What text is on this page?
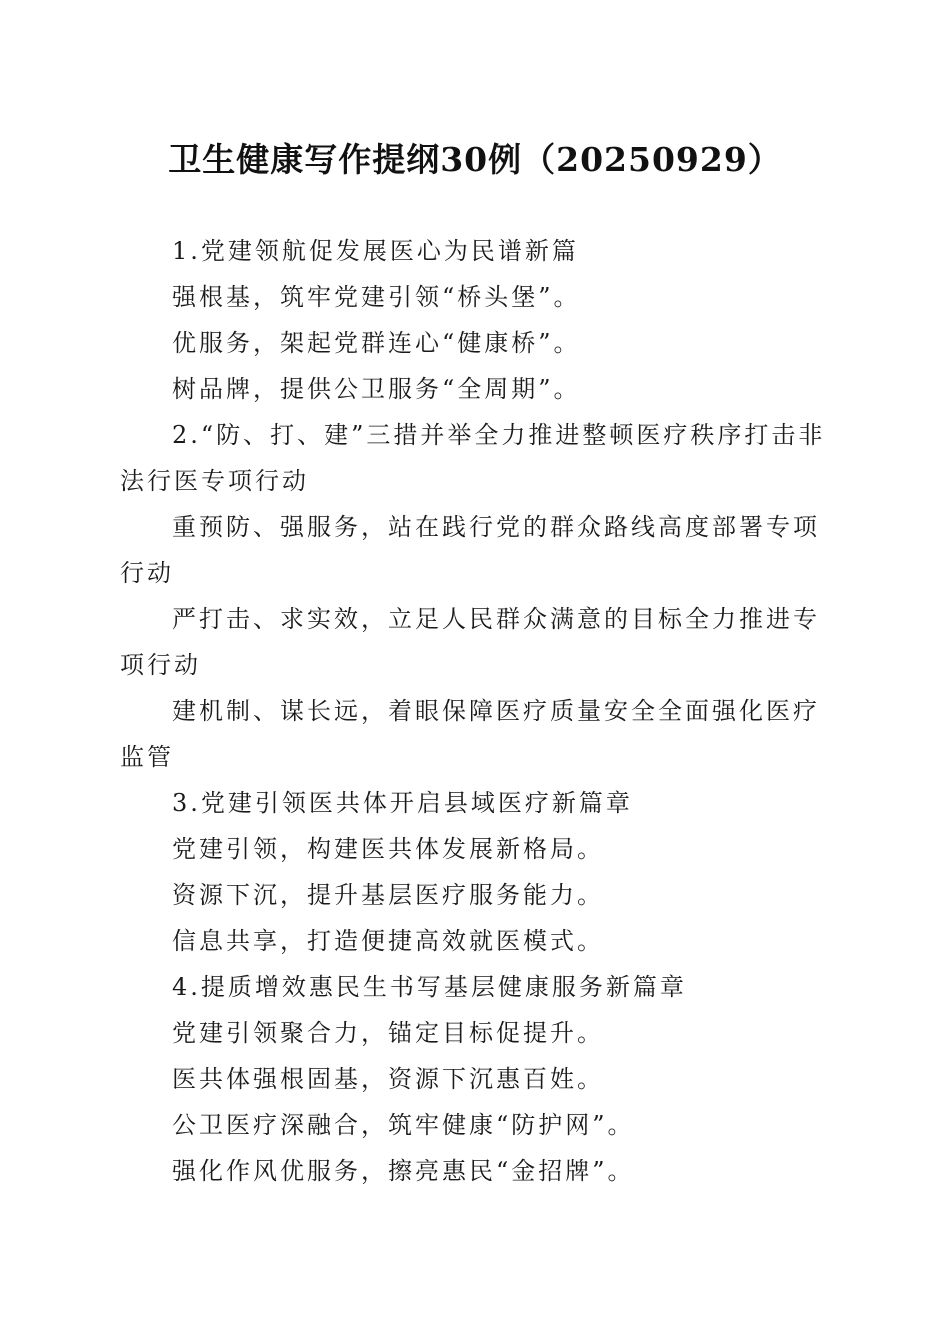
卫生健康写作提纲30例（20250929）

1.党建领航促发展医心为民谱新篇

强根基，筑牢党建引领“桥头堡”。

优服务，架起党群连心“健康桥”。

树品牌，提供公卫服务“全周期”。

2.“防、打、建”三措并举全力推进整顿医疗秩序打击非法行医专项行动

重预防、强服务，站在践行党的群众路线高度部署专项行动

严打击、求实效，立足人民群众满意的目标全力推进专项行动

建机制、谋长远，着眼保障医疗质量安全全面强化医疗监管

3.党建引领医共体开启县域医疗新篇章

党建引领，构建医共体发展新格局。

资源下沉，提升基层医疗服务能力。

信息共享，打造便捷高效就医模式。

4.提质增效惠民生书写基层健康服务新篇章

党建引领聚合力，锚定目标促提升。

医共体强根固基，资源下沉惠百姓。

公卫医疗深融合，筑牢健康“防护网”。

强化作风优服务，擦亮惠民“金招牌”。
